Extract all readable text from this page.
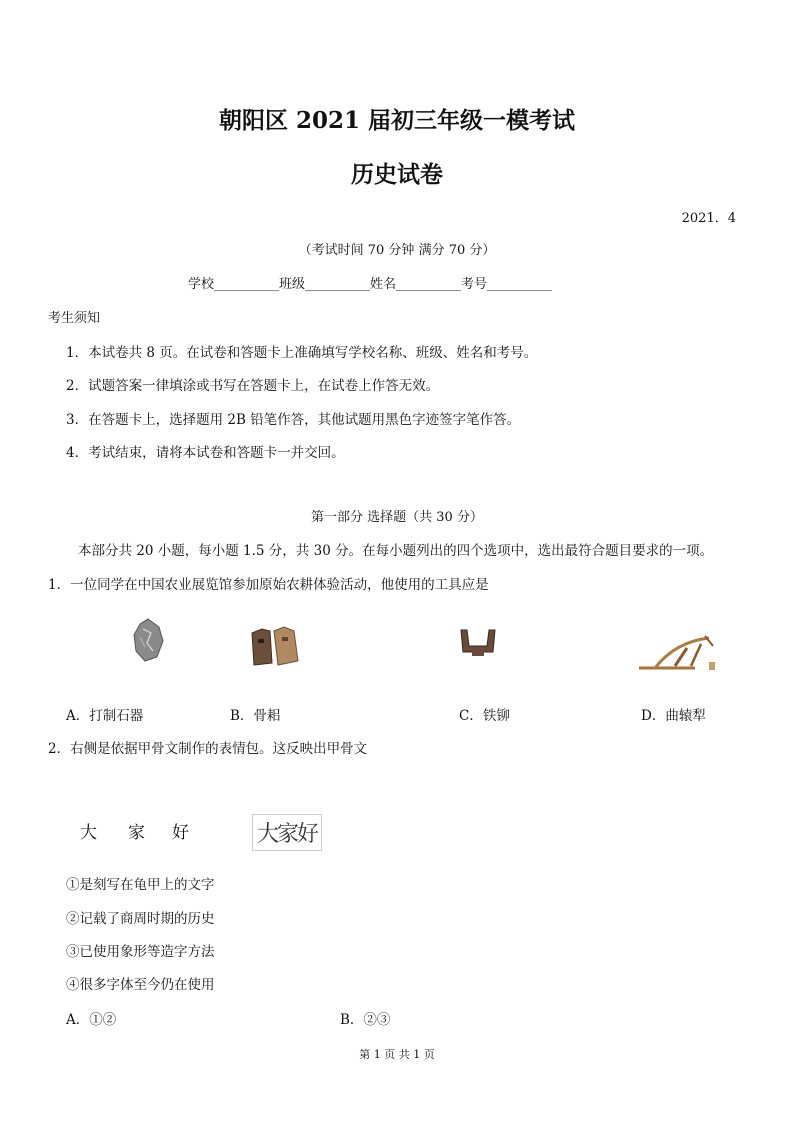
朝阳区 2021 届初三年级一模考试
历史试卷
2021．4
（考试时间 70 分钟 满分 70 分）
学校__________班级__________姓名__________考号__________
考生须知
1．本试卷共 8 页。在试卷和答题卡上准确填写学校名称、班级、姓名和考号。
2．试题答案一律填涂或书写在答题卡上，在试卷上作答无效。
3．在答题卡上，选择题用 2B 铅笔作答，其他试题用黑色字迹签字笔作答。
4．考试结束，请将本试卷和答题卡一并交回。
第一部分 选择题（共 30 分）
本部分共 20 小题，每小题 1.5 分，共 30 分。在每小题列出的四个选项中，选出最符合题目要求的一项。
1．一位同学在中国农业展览馆参加原始农耕体验活动，他使用的工具应是
A．打制石器	B．骨耜	C．铁铆	D．曲辕犁
2．右侧是依据甲骨文制作的表情包。这反映出甲骨文
大 家 好	大家好
①是刻写在龟甲上的文字
②记载了商周时期的历史
③已使用象形等造字方法
④很多字体至今仍在使用
A．①②	B．②③
第 1 页 共 1 页
